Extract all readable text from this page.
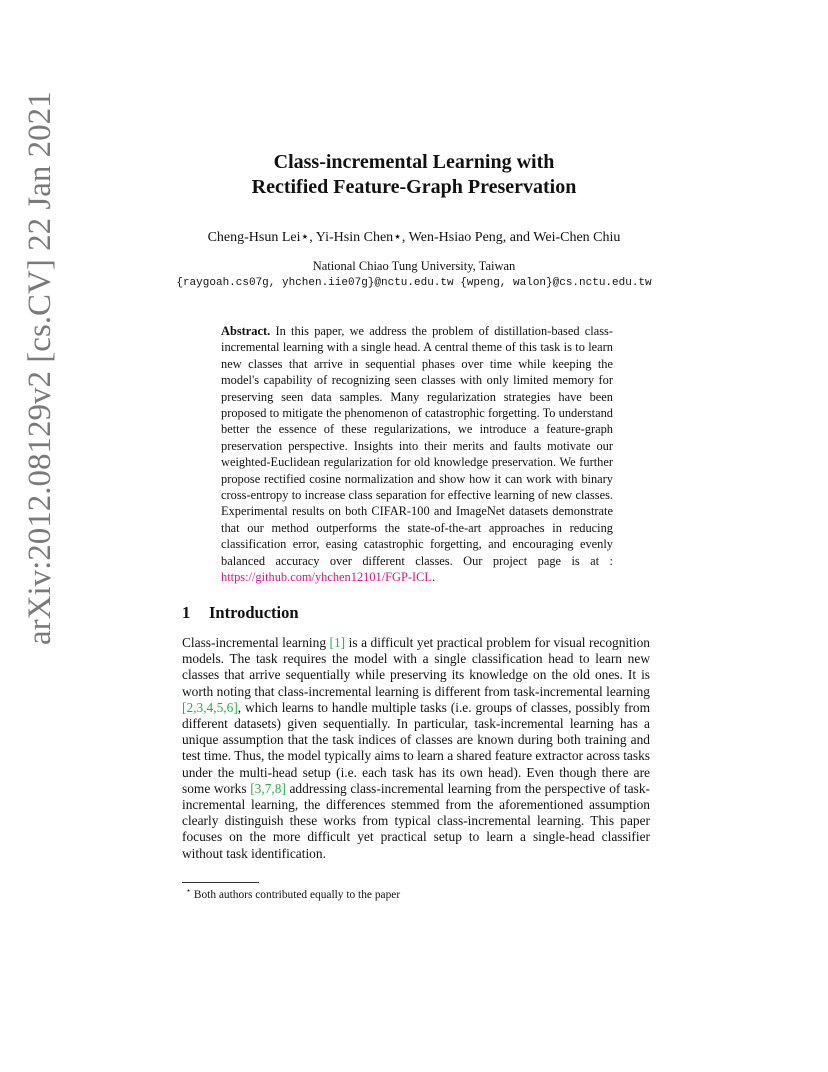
arXiv:2012.08129v2 [cs.CV] 22 Jan 2021	Class-incremental Learning with
Rectified Feature-Graph Preservation
Cheng-Hsun Lei⋆, Yi-Hsin Chen⋆, Wen-Hsiao Peng, and Wei-Chen Chiu
National Chiao Tung University, Taiwan
{raygoah.cs07g, yhchen.iie07g}@nctu.edu.tw {wpeng, walon}@cs.nctu.edu.tw
Abstract. In this paper, we address the problem of distillation-based class-incremental learning with a single head. A central theme of this task is to learn new classes that arrive in sequential phases over time while keeping the model's capability of recognizing seen classes with only limited memory for preserving seen data samples. Many regularization strategies have been proposed to mitigate the phenomenon of catastrophic forgetting. To understand better the essence of these regularizations, we introduce a feature-graph preservation perspective. Insights into their merits and faults motivate our weighted-Euclidean regularization for old knowledge preservation. We further propose rectified cosine normalization and show how it can work with binary cross-entropy to increase class separation for effective learning of new classes. Experimental results on both CIFAR-100 and ImageNet datasets demonstrate that our method outperforms the state-of-the-art approaches in reducing classification error, easing catastrophic forgetting, and encouraging evenly balanced accuracy over different classes. Our project page is at : https://github.com/yhchen12101/FGP-ICL.
1 Introduction
Class-incremental learning [1] is a difficult yet practical problem for visual recognition models. The task requires the model with a single classification head to learn new classes that arrive sequentially while preserving its knowledge on the old ones. It is worth noting that class-incremental learning is different from task-incremental learning [2,3,4,5,6], which learns to handle multiple tasks (i.e. groups of classes, possibly from different datasets) given sequentially. In particular, task-incremental learning has a unique assumption that the task indices of classes are known during both training and test time. Thus, the model typically aims to learn a shared feature extractor across tasks under the multi-head setup (i.e. each task has its own head). Even though there are some works [3,7,8] addressing class-incremental learning from the perspective of task-incremental learning, the differences stemmed from the aforementioned assumption clearly distinguish these works from typical class-incremental learning. This paper focuses on the more difficult yet practical setup to learn a single-head classifier without task identification.
⋆ Both authors contributed equally to the paper
